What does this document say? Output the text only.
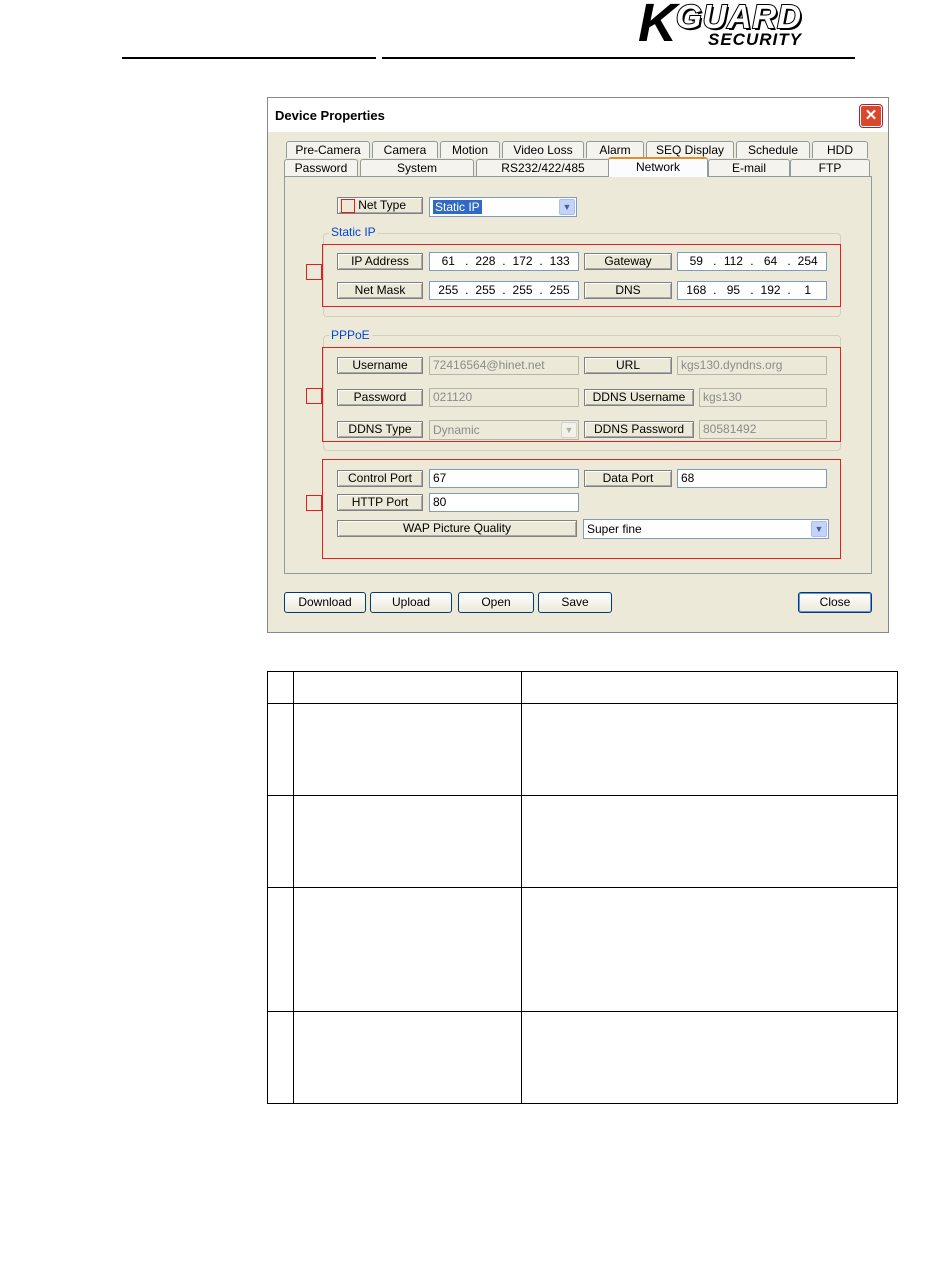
K GUARD
SECURITY
Device Properties	✕
Pre-Camera	Camera	Motion	Video Loss	Alarm	SEQ Display	Schedule	HDD
Password	System	RS232/422/485	Network	E-mail	FTP
Net Type	Static IP	▼
Static IP
IP Address	61 . 228 . 172 . 133	Gateway	59 . 112 . 64 . 254
Net Mask	255 . 255 . 255 . 255	DNS	168 . 95 . 192 .	1
PPPoE
Username	72416564@hinet.net	URL	kgs130.dyndns.org
Password	021120	DDNS Username	kgs130
DDNS Type	Dynamic	▼	DDNS Password	80581492
Control Port	67	Data Port	68
HTTP Port	80
WAP Picture Quality	Super fine	▼
Download	Upload	Open	Save	Close
